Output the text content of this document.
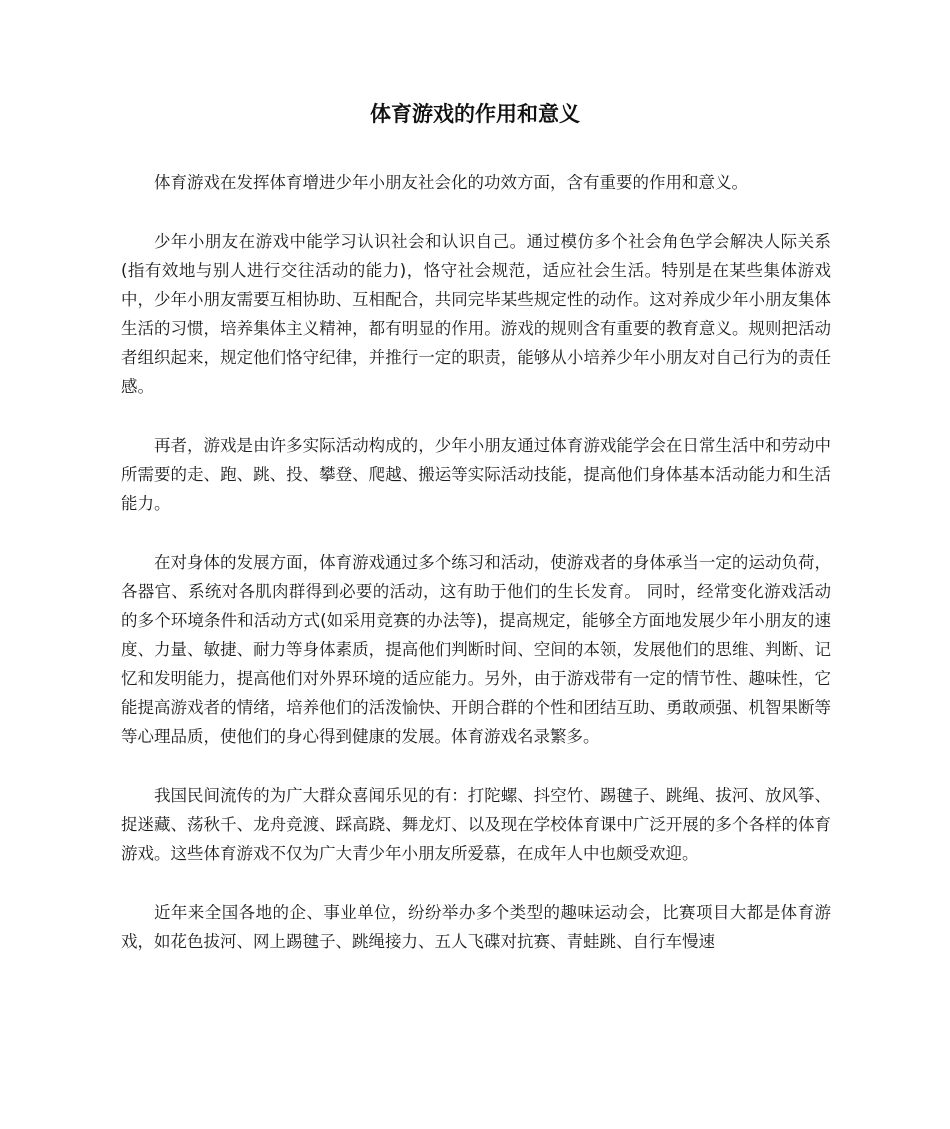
体育游戏的作用和意义

体育游戏在发挥体育增进少年小朋友社会化的功效方面，含有重要的作用和意义。

少年小朋友在游戏中能学习认识社会和认识自己。通过模仿多个社会角色学会解决人际关系(指有效地与别人进行交往活动的能力)，恪守社会规范，适应社会生活。特别是在某些集体游戏中，少年小朋友需要互相协助、互相配合，共同完毕某些规定性的动作。这对养成少年小朋友集体生活的习惯，培养集体主义精神，都有明显的作用。游戏的规则含有重要的教育意义。规则把活动者组织起来，规定他们恪守纪律，并推行一定的职责，能够从小培养少年小朋友对自己行为的责任感。

再者，游戏是由许多实际活动构成的，少年小朋友通过体育游戏能学会在日常生活中和劳动中所需要的走、跑、跳、投、攀登、爬越、搬运等实际活动技能，提高他们身体基本活动能力和生活能力。

在对身体的发展方面，体育游戏通过多个练习和活动，使游戏者的身体承当一定的运动负荷，各器官、系统对各肌肉群得到必要的活动，这有助于他们的生长发育。 同时，经常变化游戏活动的多个环境条件和活动方式(如采用竞赛的办法等)，提高规定，能够全方面地发展少年小朋友的速度、力量、敏捷、耐力等身体素质，提高他们判断时间、空间的本领，发展他们的思维、判断、记忆和发明能力，提高他们对外界环境的适应能力。另外，由于游戏带有一定的情节性、趣味性，它能提高游戏者的情绪，培养他们的活泼愉快、开朗合群的个性和团结互助、勇敢顽强、机智果断等等心理品质，使他们的身心得到健康的发展。体育游戏名录繁多。

我国民间流传的为广大群众喜闻乐见的有：打陀螺、抖空竹、踢毽子、跳绳、拔河、放风筝、捉迷藏、荡秋千、龙舟竞渡、踩高跷、舞龙灯、以及现在学校体育课中广泛开展的多个各样的体育游戏。这些体育游戏不仅为广大青少年小朋友所爱慕，在成年人中也颇受欢迎。

近年来全国各地的企、事业单位，纷纷举办多个类型的趣味运动会，比赛项目大都是体育游戏，如花色拔河、网上踢毽子、跳绳接力、五人飞碟对抗赛、青蛙跳、自行车慢速
